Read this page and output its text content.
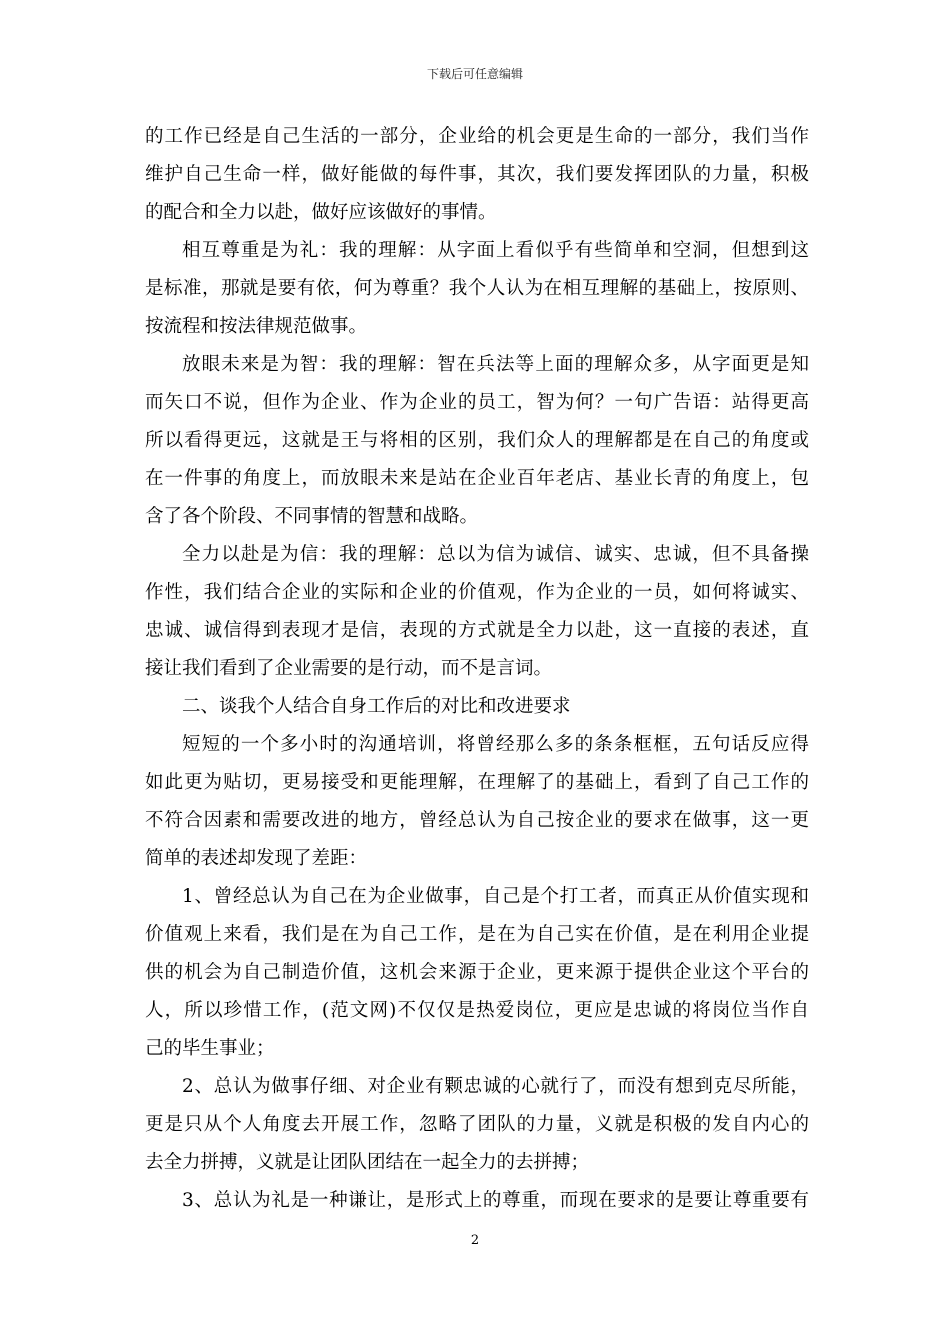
下载后可任意编辑
的工作已经是自己生活的一部分，企业给的机会更是生命的一部分，我们当作
维护自己生命一样，做好能做的每件事，其次，我们要发挥团队的力量，积极
的配合和全力以赴，做好应该做好的事情。
相互尊重是为礼：我的理解：从字面上看似乎有些简单和空洞，但想到这
是标准，那就是要有依，何为尊重？我个人认为在相互理解的基础上，按原则、
按流程和按法律规范做事。
放眼未来是为智：我的理解：智在兵法等上面的理解众多，从字面更是知
而矢口不说，但作为企业、作为企业的员工，智为何？一句广告语：站得更高
所以看得更远，这就是王与将相的区别，我们众人的理解都是在自己的角度或
在一件事的角度上，而放眼未来是站在企业百年老店、基业长青的角度上，包
含了各个阶段、不同事情的智慧和战略。
全力以赴是为信：我的理解：总以为信为诚信、诚实、忠诚，但不具备操
作性，我们结合企业的实际和企业的价值观，作为企业的一员，如何将诚实、
忠诚、诚信得到表现才是信，表现的方式就是全力以赴，这一直接的表述，直
接让我们看到了企业需要的是行动，而不是言词。
二、谈我个人结合自身工作后的对比和改进要求
短短的一个多小时的沟通培训，将曾经那么多的条条框框，五句话反应得
如此更为贴切，更易接受和更能理解，在理解了的基础上，看到了自己工作的
不符合因素和需要改进的地方，曾经总认为自己按企业的要求在做事，这一更
简单的表述却发现了差距：
1、曾经总认为自己在为企业做事，自己是个打工者，而真正从价值实现和
价值观上来看，我们是在为自己工作，是在为自己实在价值，是在利用企业提
供的机会为自己制造价值，这机会来源于企业，更来源于提供企业这个平台的
人，所以珍惜工作，(范文网)不仅仅是热爱岗位，更应是忠诚的将岗位当作自
己的毕生事业；
2、总认为做事仔细、对企业有颗忠诚的心就行了，而没有想到克尽所能，
更是只从个人角度去开展工作，忽略了团队的力量，义就是积极的发自内心的
去全力拼搏，义就是让团队团结在一起全力的去拼搏；
3、总认为礼是一种谦让，是形式上的尊重，而现在要求的是要让尊重要有
2
